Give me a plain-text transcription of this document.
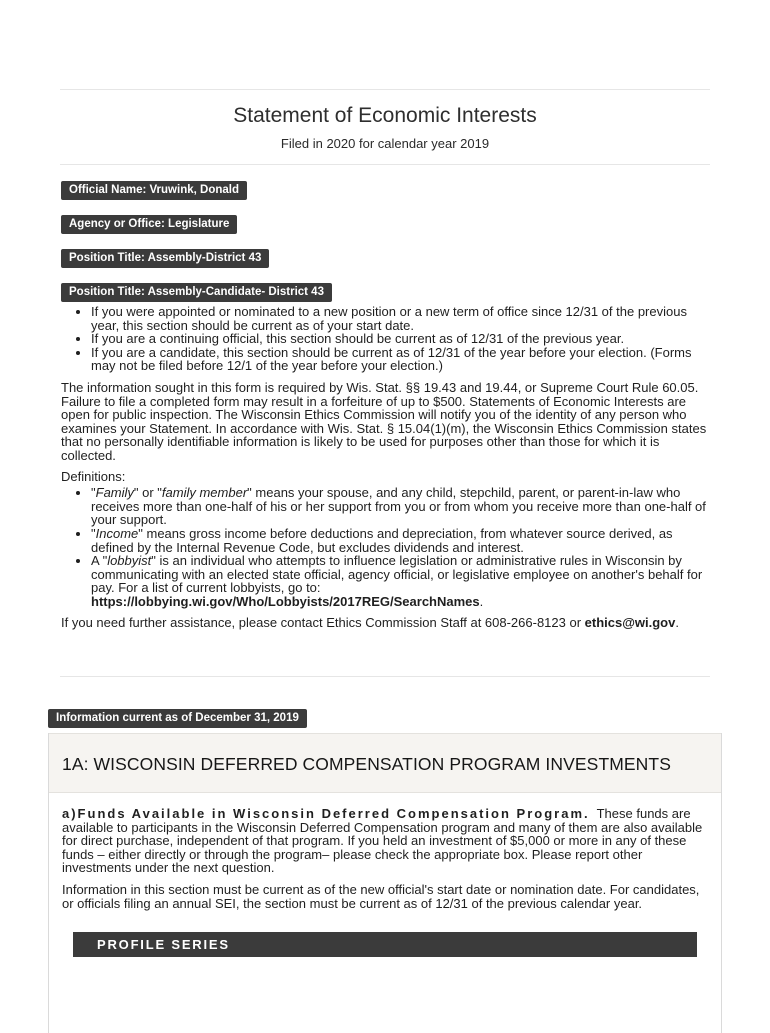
Statement of Economic Interests
Filed in 2020 for calendar year 2019
Official Name: Vruwink, Donald
Agency or Office: Legislature
Position Title: Assembly-District 43
Position Title: Assembly-Candidate- District 43
• If you were appointed or nominated to a new position or a new term of office since 12/31 of the previous year, this section should be current as of your start date.
• If you are a continuing official, this section should be current as of 12/31 of the previous year.
• If you are a candidate, this section should be current as of 12/31 of the year before your election. (Forms may not be filed before 12/1 of the year before your election.)

The information sought in this form is required by Wis. Stat. §§ 19.43 and 19.44, or Supreme Court Rule 60.05. Failure to file a completed form may result in a forfeiture of up to $500. Statements of Economic Interests are open for public inspection. The Wisconsin Ethics Commission will notify you of the identity of any person who examines your Statement. In accordance with Wis. Stat. § 15.04(1)(m), the Wisconsin Ethics Commission states that no personally identifiable information is likely to be used for purposes other than those for which it is collected.

Definitions:

• "Family" or "family member" means your spouse, and any child, stepchild, parent, or parent-in-law who receives more than one-half of his or her support from you or from whom you receive more than one-half of your support.
• "Income" means gross income before deductions and depreciation, from whatever source derived, as defined by the Internal Revenue Code, but excludes dividends and interest.
• A "lobbyist" is an individual who attempts to influence legislation or administrative rules in Wisconsin by communicating with an elected state official, agency official, or legislative employee on another's behalf for pay. For a list of current lobbyists, go to: https://lobbying.wi.gov/Who/Lobbyists/2017REG/SearchNames.

If you need further assistance, please contact Ethics Commission Staff at 608-266-8123 or ethics@wi.gov.

Information current as of December 31, 2019
1A: WISCONSIN DEFERRED COMPENSATION PROGRAM INVESTMENTS

a)Funds Available in Wisconsin Deferred Compensation Program. These funds are available to participants in the Wisconsin Deferred Compensation program and many of them are also available for direct purchase, independent of that program. If you held an investment of $5,000 or more in any of these funds – either directly or through the program– please check the appropriate box. Please report other investments under the next question.

Information in this section must be current as of the new official's start date or nomination date. For candidates, or officials filing an annual SEI, the section must be current as of 12/31 of the previous calendar year.

PROFILE SERIES
